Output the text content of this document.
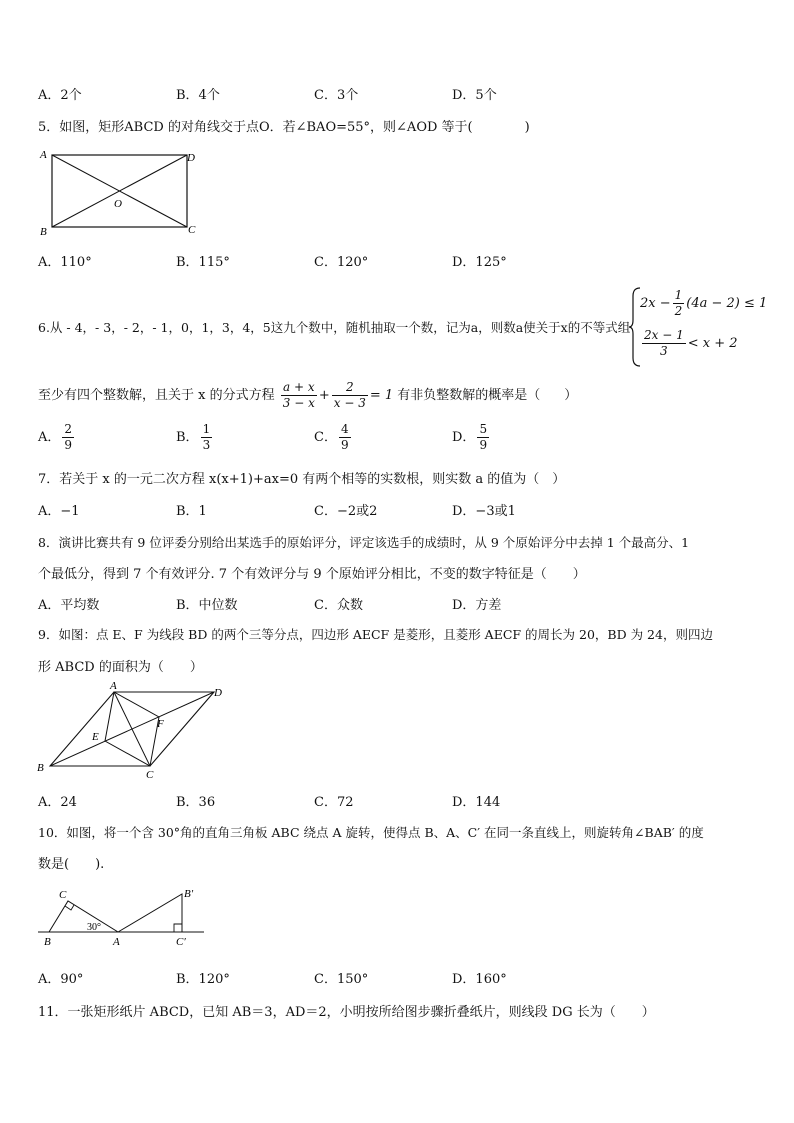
A．2个	B．4个	C．3个	D．5个
5．如图，矩形ABCD 的对角线交于点O．若∠BAO=55°，则∠AOD 等于(	)
A	D
O
B	C
A．110°	B．115°	C．120°	D．125°
6.从 - 4，- 3，- 2，- 1，0，1，3，4，5这九个数中，随机抽取一个数，记为a，则数a使关于x的不等式组
$2x - \frac{1}{2} (4a - 2) \le 1$
$\frac{2x - 1}{3} < x + 2$
至少有四个整数解，且关于 x 的分式方程 $\frac{a + x}{3 - x} + \frac{2}{x - 3} = 1$ 有非负整数解的概率是（ ）
A． $\frac{2}{9}$	B． $\frac{1}{3}$	C． $\frac{4}{9}$	D． $\frac{5}{9}$
7．若关于 x 的一元二次方程 x(x+1)+ax=0 有两个相等的实数根，则实数 a 的值为（　）
A．−1	B．1	C．−2或2	D．−3或1
8．演讲比赛共有 9 位评委分别给出某选手的原始评分，评定该选手的成绩时，从 9 个原始评分中去掉 1 个最高分、1
个最低分，得到 7 个有效评分. 7 个有效评分与 9 个原始评分相比，不变的数字特征是（　　）
A．平均数	B．中位数	C．众数	D．方差
9．如图：点 E、F 为线段 BD 的两个三等分点，四边形 AECF 是菱形，且菱形 AECF 的周长为 20，BD 为 24，则四边
形 ABCD 的面积为（　　）
A
D
E
F
B
C
A．24	B．36	C．72	D．144
10．如图，将一个含 30°角的直角三角板 ABC 绕点 A 旋转，使得点 B、A、C′ 在同一条直线上，则旋转角∠BAB′ 的度
数是(　　).
C
B	A
30°
B′
C′
A．90°	B．120°	C．150°	D．160°
11．一张矩形纸片 ABCD，已知 AB＝3，AD＝2，小明按所给图步骤折叠纸片，则线段 DG 长为（　　）
